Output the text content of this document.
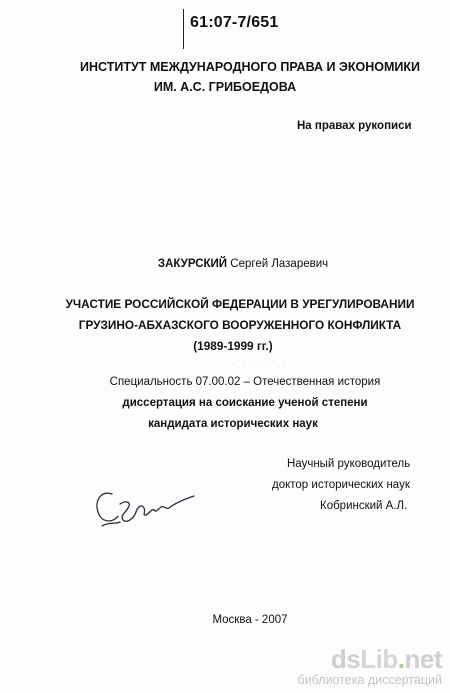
61:07-7/651
ИНСТИТУТ МЕЖДУНАРОДНОГО ПРАВА И ЭКОНОМИКИ
ИМ. А.С. ГРИБОЕДОВА
На правах рукописи
ЗАКУРСКИЙ Сергей Лазаревич
УЧАСТИЕ РОССИЙСКОЙ ФЕДЕРАЦИИ В УРЕГУЛИРОВАНИИ
ГРУЗИНО-АБХАЗСКОГО ВООРУЖЕННОГО КОНФЛИКТА
(1989-1999 гг.)
Специальность 07.00.02 – Отечественная история
диссертация на соискание ученой степени
кандидата исторических наук
Научный руководитель
доктор исторических наук
Кобринский А.Л.
Москва - 2007
dsLib.net
библиотека диссертаций
